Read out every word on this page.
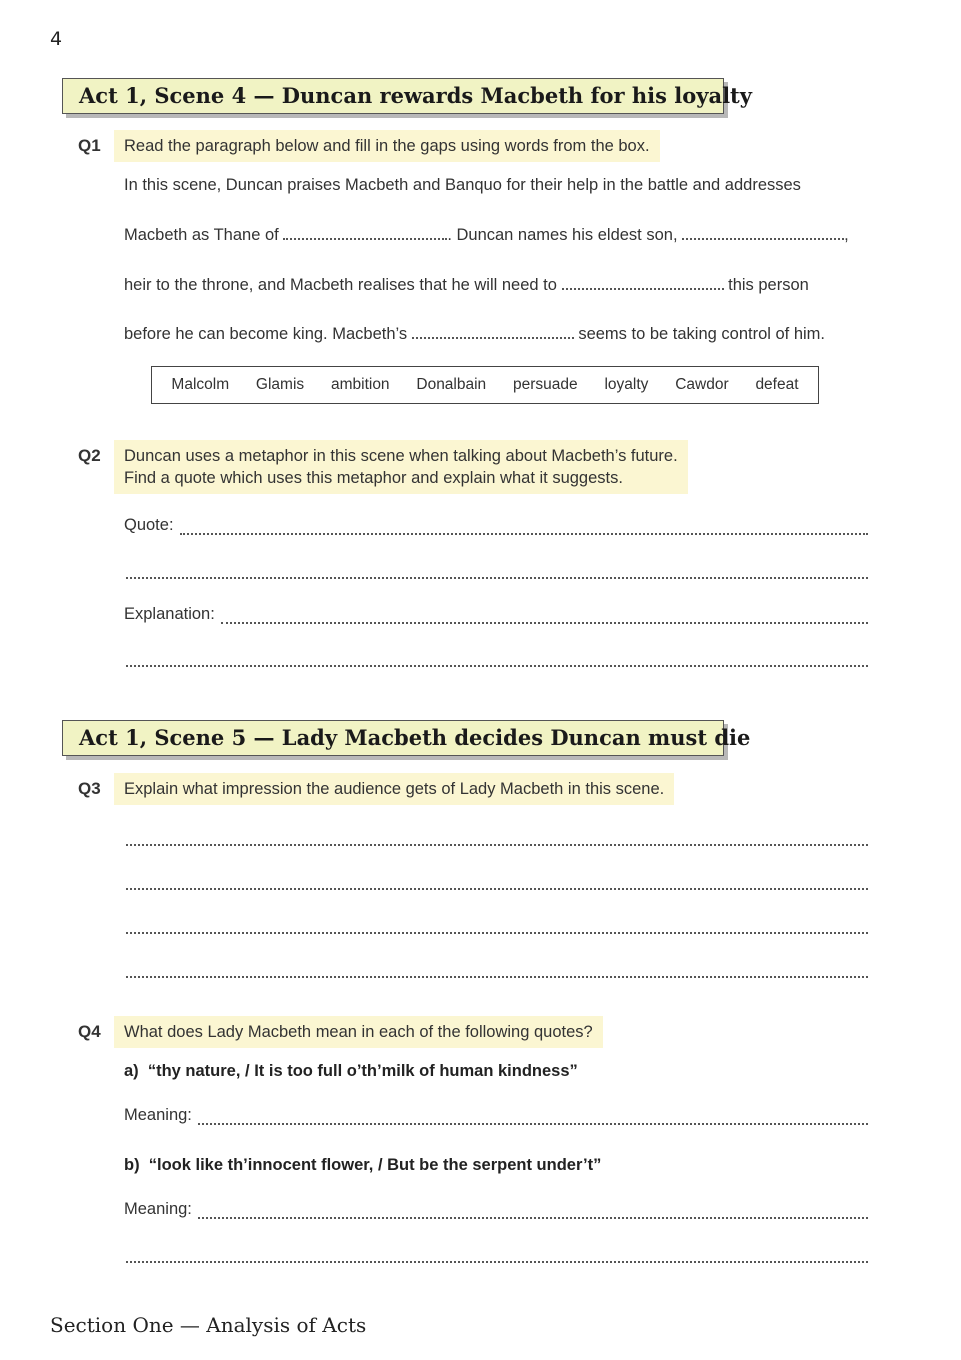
4
Act 1, Scene 4 — Duncan rewards Macbeth for his loyalty
Q1	Read the paragraph below and fill in the gaps using words from the box.
In this scene, Duncan praises Macbeth and Banquo for their help in the battle and addresses
Macbeth as Thane of	. Duncan names his eldest son,	,
heir to the throne, and Macbeth realises that he will need to	this person
before he can become king. Macbeth’s	seems to be taking control of him.
Malcolm Glamis ambition Donalbain persuade loyalty Cawdor defeat
Q2 Duncan uses a metaphor in this scene when talking about Macbeth’s future.
Find a quote which uses this metaphor and explain what it suggests.
Quote:
Explanation:
Act 1, Scene 5 — Lady Macbeth decides Duncan must die
Q3	Explain what impression the audience gets of Lady Macbeth in this scene.
Q4	What does Lady Macbeth mean in each of the following quotes?
a) “thy nature, / It is too full o’th’milk of human kindness”
Meaning:
b) “look like th’innocent flower, / But be the serpent under’t”
Meaning:
Section One — Analysis of Acts
